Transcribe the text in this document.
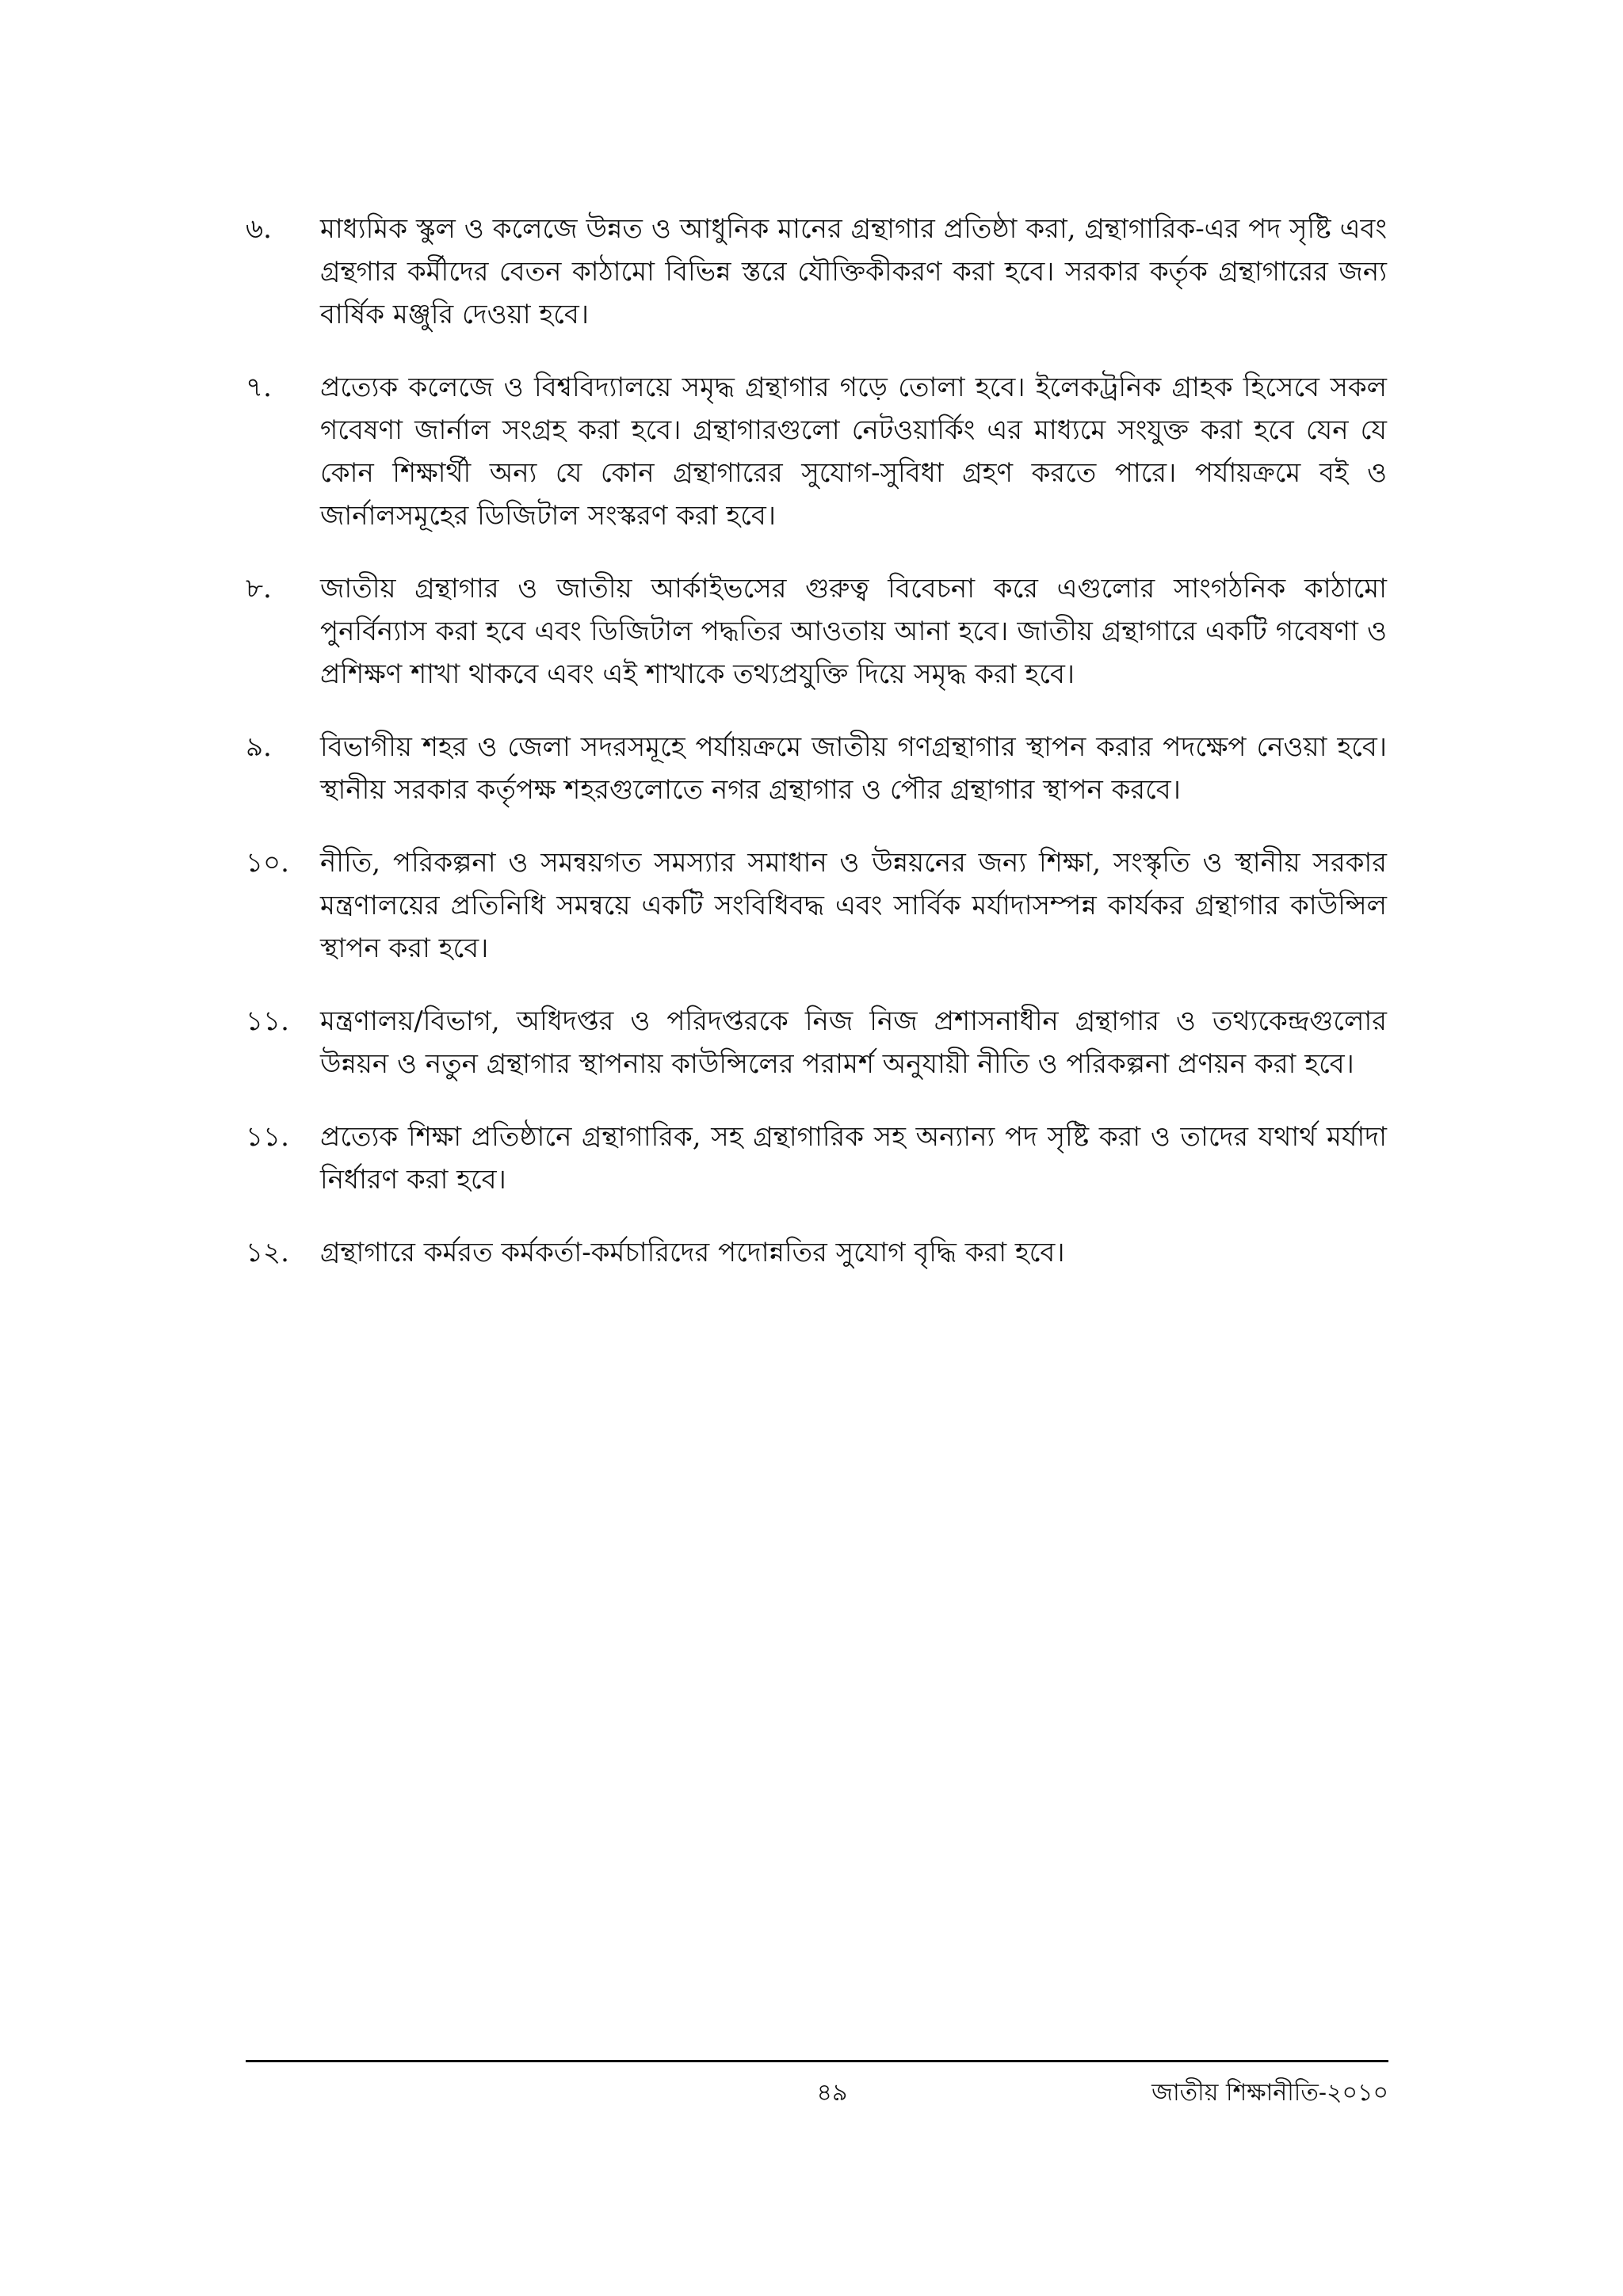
৬.	মাধ্যমিক স্কুল ও কলেজে উন্নত ও আধুনিক মানের গ্রন্থাগার প্রতিষ্ঠা করা, গ্রন্থাগারিক-এর পদ সৃষ্টি এবং গ্রন্থগার কর্মীদের বেতন কাঠামো বিভিন্ন স্তরে যৌক্তিকীকরণ করা হবে। সরকার কর্তৃক গ্রন্থাগারের জন্য বার্ষিক মঞ্জুরি দেওয়া হবে।
৭.	প্রত্যেক কলেজে ও বিশ্ববিদ্যালয়ে সমৃদ্ধ গ্রন্থাগার গড়ে তোলা হবে। ইলেকট্রনিক গ্রাহক হিসেবে সকল গবেষণা জার্নাল সংগ্রহ করা হবে। গ্রন্থাগারগুলো নেটওয়ার্কিং এর মাধ্যমে সংযুক্ত করা হবে যেন যে কোন শিক্ষার্থী অন্য যে কোন গ্রন্থাগারের সুযোগ-সুবিধা গ্রহণ করতে পারে। পর্যায়ক্রমে বই ও জার্নালসমূহের ডিজিটাল সংস্করণ করা হবে।
৮.	জাতীয় গ্রন্থাগার ও জাতীয় আর্কাইভসের গুরুত্ব বিবেচনা করে এগুলোর সাংগঠনিক কাঠামো পুনর্বিন্যাস করা হবে এবং ডিজিটাল পদ্ধতির আওতায় আনা হবে। জাতীয় গ্রন্থাগারে একটি গবেষণা ও প্রশিক্ষণ শাখা থাকবে এবং এই শাখাকে তথ্যপ্রযুক্তি দিয়ে সমৃদ্ধ করা হবে।
৯.	বিভাগীয় শহর ও জেলা সদরসমূহে পর্যায়ক্রমে জাতীয় গণগ্রন্থাগার স্থাপন করার পদক্ষেপ নেওয়া হবে। স্থানীয় সরকার কর্তৃপক্ষ শহরগুলোতে নগর গ্রন্থাগার ও পৌর গ্রন্থাগার স্থাপন করবে।
১০.	নীতি, পরিকল্পনা ও সমন্বয়গত সমস্যার সমাধান ও উন্নয়নের জন্য শিক্ষা, সংস্কৃতি ও স্থানীয় সরকার মন্ত্রণালয়ের প্রতিনিধি সমন্বয়ে একটি সংবিধিবদ্ধ এবং সার্বিক মর্যাদাসম্পন্ন কার্যকর গ্রন্থাগার কাউন্সিল স্থাপন করা হবে।
১১.	মন্ত্রণালয়/বিভাগ, অধিদপ্তর ও পরিদপ্তরকে নিজ নিজ প্রশাসনাধীন গ্রন্থাগার ও তথ্যকেন্দ্রগুলোর উন্নয়ন ও নতুন গ্রন্থাগার স্থাপনায় কাউন্সিলের পরামর্শ অনুযায়ী নীতি ও পরিকল্পনা প্রণয়ন করা হবে।
১১.	প্রত্যেক শিক্ষা প্রতিষ্ঠানে গ্রন্থাগারিক, সহ গ্রন্থাগারিক সহ অন্যান্য পদ সৃষ্টি করা ও তাদের যথার্থ মর্যাদা নির্ধারণ করা হবে।
১২.	গ্রন্থাগারে কর্মরত কর্মকর্তা-কর্মচারিদের পদোন্নতির সুযোগ বৃদ্ধি করা হবে।
৪৯	জাতীয় শিক্ষানীতি-২০১০
